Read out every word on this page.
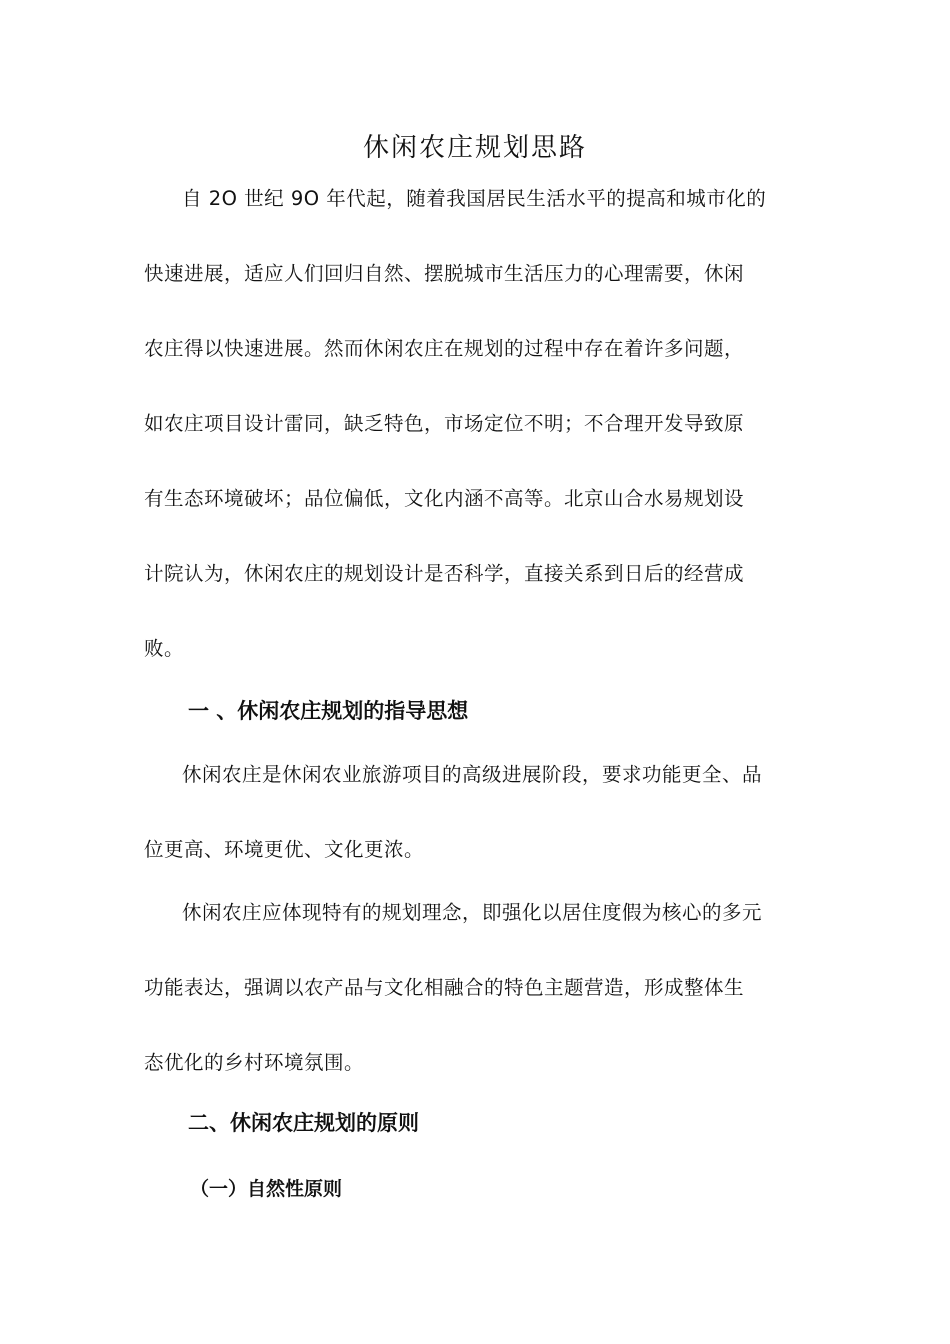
休闲农庄规划思路

自 2O 世纪 9O 年代起，随着我国居民生活水平的提高和城市化的
快速进展，适应人们回归自然、摆脱城市生活压力的心理需要，休闲
农庄得以快速进展。然而休闲农庄在规划的过程中存在着许多问题，
如农庄项目设计雷同，缺乏特色，市场定位不明；不合理开发导致原
有生态环境破坏；品位偏低，文化内涵不高等。北京山合水易规划设
计院认为，休闲农庄的规划设计是否科学，直接关系到日后的经营成
败。

一 、休闲农庄规划的指导思想

休闲农庄是休闲农业旅游项目的高级进展阶段，要求功能更全、品
位更高、环境更优、文化更浓。

休闲农庄应体现特有的规划理念，即强化以居住度假为核心的多元
功能表达，强调以农产品与文化相融合的特色主题营造，形成整体生
态优化的乡村环境氛围。

二、休闲农庄规划的原则
（一）自然性原则
